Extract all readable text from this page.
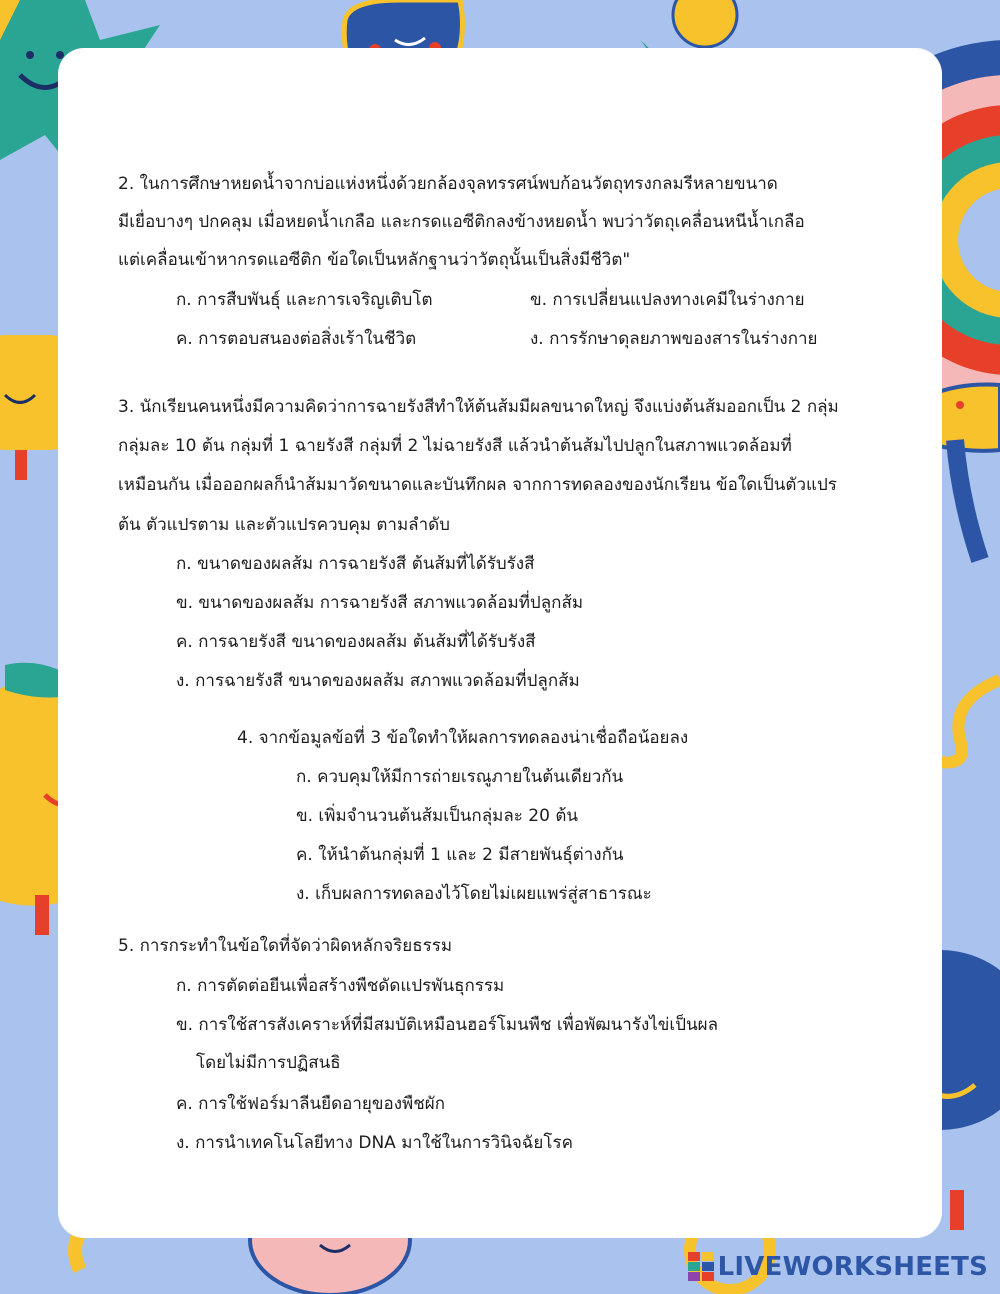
2. ในการศึกษาหยดน้ำจากบ่อแห่งหนึ่งด้วยกล้องจุลทรรศน์พบก้อนวัตถุทรงกลมรีหลายขนาด
มีเยื่อบางๆ ปกคลุม เมื่อหยดน้ำเกลือ และกรดแอซีติกลงข้างหยดน้ำ พบว่าวัตถุเคลื่อนหนีน้ำเกลือ
แต่เคลื่อนเข้าหากรดแอซีติก ข้อใดเป็นหลักฐานว่าวัตถุนั้นเป็นสิ่งมีชีวิต"
ก. การสืบพันธุ์ และการเจริญเติบโต	ข. การเปลี่ยนแปลงทางเคมีในร่างกาย
ค. การตอบสนองต่อสิ่งเร้าในชีวิต	ง. การรักษาดุลยภาพของสารในร่างกาย
3. นักเรียนคนหนึ่งมีความคิดว่าการฉายรังสีทำให้ต้นส้มมีผลขนาดใหญ่ จึงแบ่งต้นส้มออกเป็น 2 กลุ่ม
กลุ่มละ 10 ต้น กลุ่มที่ 1 ฉายรังสี กลุ่มที่ 2 ไม่ฉายรังสี แล้วนำต้นส้มไปปลูกในสภาพแวดล้อมที่
เหมือนกัน เมื่อออกผลก็นำส้มมาวัดขนาดและบันทึกผล จากการทดลองของนักเรียน ข้อใดเป็นตัวแปร
ต้น ตัวแปรตาม และตัวแปรควบคุม ตามลำดับ
ก. ขนาดของผลส้ม การฉายรังสี ต้นส้มที่ได้รับรังสี
ข. ขนาดของผลส้ม การฉายรังสี สภาพแวดล้อมที่ปลูกส้ม
ค. การฉายรังสี ขนาดของผลส้ม ต้นส้มที่ได้รับรังสี
ง. การฉายรังสี ขนาดของผลส้ม สภาพแวดล้อมที่ปลูกส้ม
4. จากข้อมูลข้อที่ 3 ข้อใดทำให้ผลการทดลองน่าเชื่อถือน้อยลง
ก. ควบคุมให้มีการถ่ายเรณูภายในต้นเดียวกัน
ข. เพิ่มจำนวนต้นส้มเป็นกลุ่มละ 20 ต้น
ค. ให้นำต้นกลุ่มที่ 1 และ 2 มีสายพันธุ์ต่างกัน
ง. เก็บผลการทดลองไว้โดยไม่เผยแพร่สู่สาธารณะ
5. การกระทำในข้อใดที่จัดว่าผิดหลักจริยธรรม
ก. การตัดต่อยีนเพื่อสร้างพืชดัดแปรพันธุกรรม
ข. การใช้สารสังเคราะห์ที่มีสมบัติเหมือนฮอร์โมนพืช เพื่อพัฒนารังไข่เป็นผล
โดยไม่มีการปฏิสนธิ
ค. การใช้ฟอร์มาลีนยืดอายุของพืชผัก
ง. การนำเทคโนโลยีทาง DNA มาใช้ในการวินิจฉัยโรค
LIVEWORKSHEETS
